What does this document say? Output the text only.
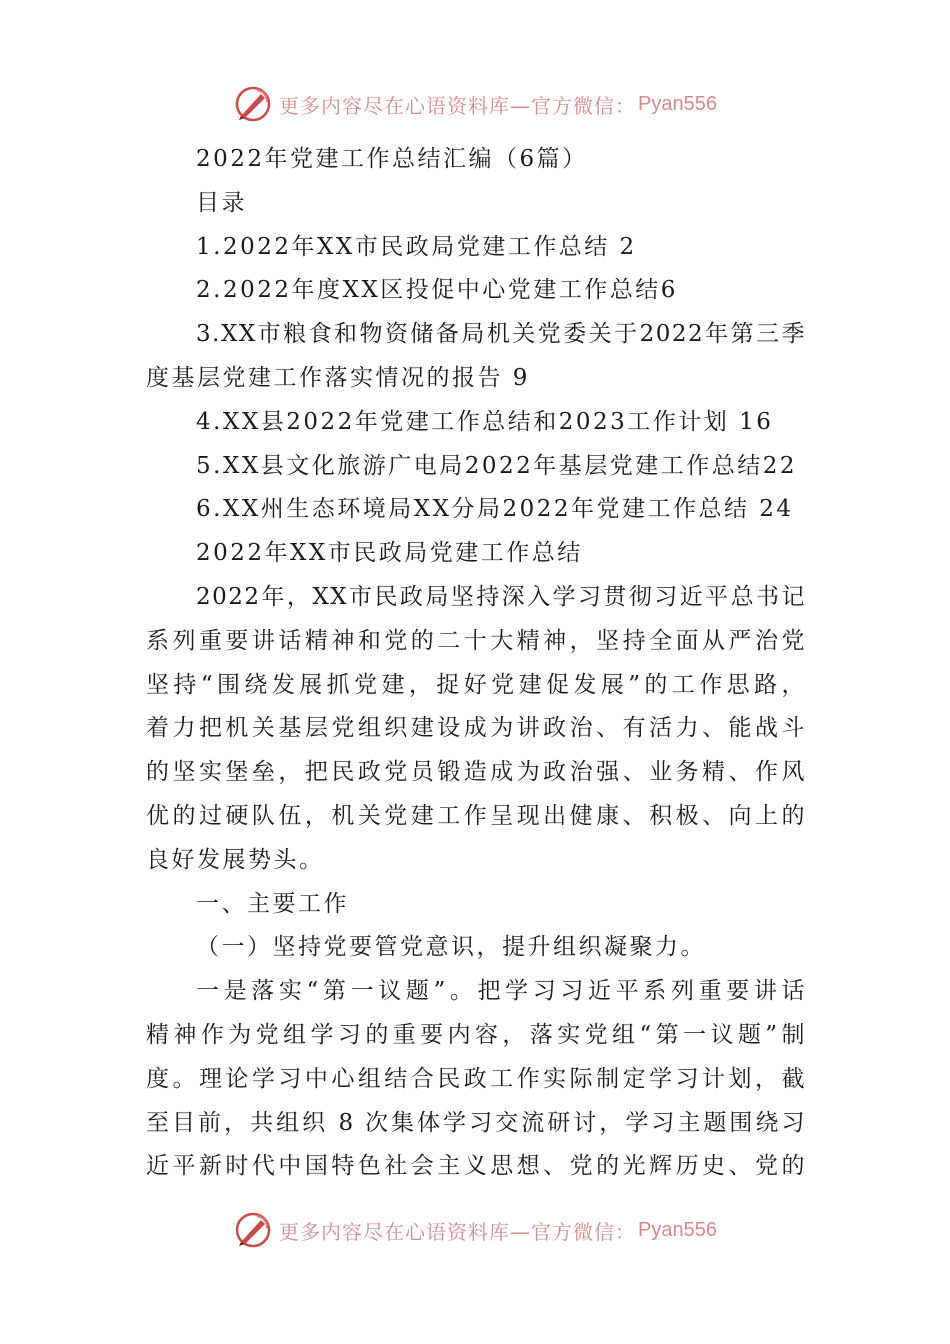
更多内容尽在心语资料库—官方微信： Pyan556
2022年党建工作总结汇编（6篇）
目录
1.2022年XX市民政局党建工作总结 2
2.2022年度XX区投促中心党建工作总结6
3.XX市粮食和物资储备局机关党委关于2022年第三季
度基层党建工作落实情况的报告 9
4.XX县2022年党建工作总结和2023工作计划 16
5.XX县文化旅游广电局2022年基层党建工作总结22
6.XX州生态环境局XX分局2022年党建工作总结 24
2022年XX市民政局党建工作总结
2022年，XX市民政局坚持深入学习贯彻习近平总书记
系列重要讲话精神和党的二十大精神，坚持全面从严治党
坚持“围绕发展抓党建，捉好党建促发展”的工作思路，
着力把机关基层党组织建设成为讲政治、有活力、能战斗
的坚实堡垒，把民政党员锻造成为政治强、业务精、作风
优的过硬队伍，机关党建工作呈现出健康、积极、向上的
良好发展势头。
一、主要工作
（一）坚持党要管党意识，提升组织凝聚力。
一是落实“第一议题”。把学习习近平系列重要讲话
精神作为党组学习的重要内容，落实党组“第一议题”制
度。理论学习中心组结合民政工作实际制定学习计划，截
至目前，共组织 8 次集体学习交流研讨，学习主题围绕习
近平新时代中国特色社会主义思想、党的光辉历史、党的
更多内容尽在心语资料库—官方微信： Pyan556
